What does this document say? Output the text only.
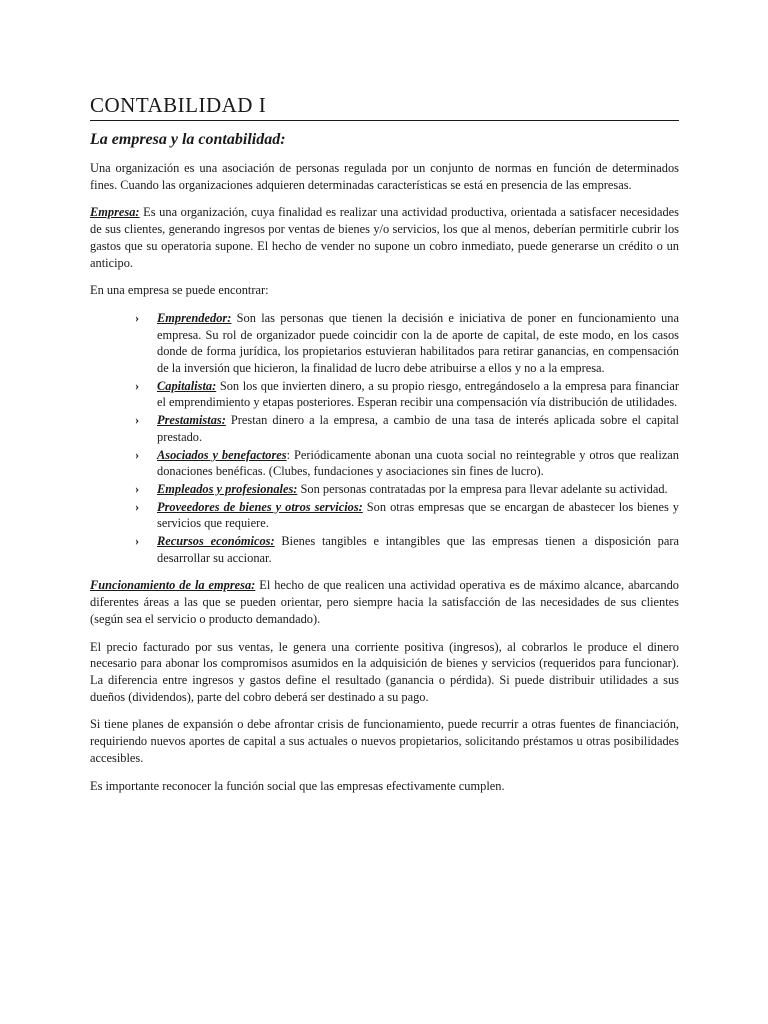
CONTABILIDAD I
La empresa y la contabilidad:

Una organización es una asociación de personas regulada por un conjunto de normas en función de determinados fines. Cuando las organizaciones adquieren determinadas características se está en presencia de las empresas.

Empresa: Es una organización, cuya finalidad es realizar una actividad productiva, orientada a satisfacer necesidades de sus clientes, generando ingresos por ventas de bienes y/o servicios, los que al menos, deberían permitirle cubrir los gastos que su operatoria supone. El hecho de vender no supone un cobro inmediato, puede generarse un crédito o un anticipo.

En una empresa se puede encontrar:

› Emprendedor: Son las personas que tienen la decisión e iniciativa de poner en funcionamiento una empresa. Su rol de organizador puede coincidir con la de aporte de capital, de este modo, en los casos donde de forma jurídica, los propietarios estuvieran habilitados para retirar ganancias, en compensación de la inversión que hicieron, la finalidad de lucro debe atribuirse a ellos y no a la empresa.
› Capitalista: Son los que invierten dinero, a su propio riesgo, entregándoselo a la empresa para financiar el emprendimiento y etapas posteriores. Esperan recibir una compensación vía distribución de utilidades.
› Prestamistas: Prestan dinero a la empresa, a cambio de una tasa de interés aplicada sobre el capital prestado.
› Asociados y benefactores: Periódicamente abonan una cuota social no reintegrable y otros que realizan donaciones benéficas. (Clubes, fundaciones y asociaciones sin fines de lucro).
› Empleados y profesionales: Son personas contratadas por la empresa para llevar adelante su actividad.
› Proveedores de bienes y otros servicios: Son otras empresas que se encargan de abastecer los bienes y servicios que requiere.
› Recursos económicos: Bienes tangibles e intangibles que las empresas tienen a disposición para desarrollar su accionar.

Funcionamiento de la empresa: El hecho de que realicen una actividad operativa es de máximo alcance, abarcando diferentes áreas a las que se pueden orientar, pero siempre hacia la satisfacción de las necesidades de sus clientes (según sea el servicio o producto demandado).

El precio facturado por sus ventas, le genera una corriente positiva (ingresos), al cobrarlos le produce el dinero necesario para abonar los compromisos asumidos en la adquisición de bienes y servicios (requeridos para funcionar). La diferencia entre ingresos y gastos define el resultado (ganancia o pérdida). Si puede distribuir utilidades a sus dueños (dividendos), parte del cobro deberá ser destinado a su pago.

Si tiene planes de expansión o debe afrontar crisis de funcionamiento, puede recurrir a otras fuentes de financiación, requiriendo nuevos aportes de capital a sus actuales o nuevos propietarios, solicitando préstamos u otras posibilidades accesibles.

Es importante reconocer la función social que las empresas efectivamente cumplen.
